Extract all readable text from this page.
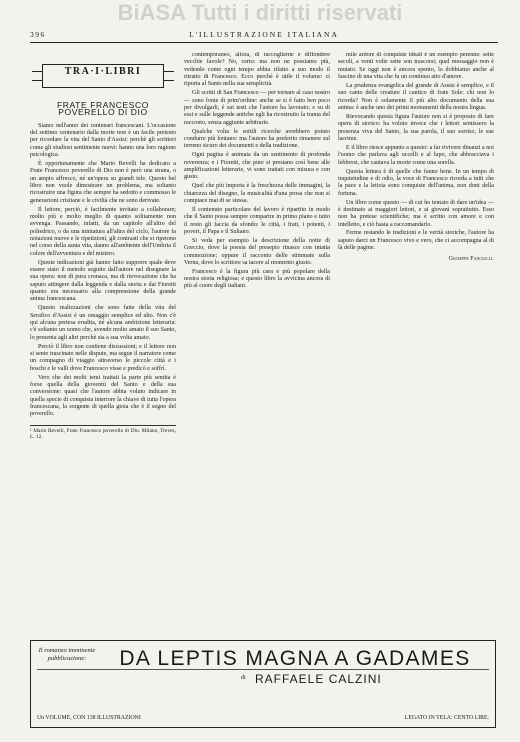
BiASA Tutti i diritti riservati
396	L'ILLUSTRAZIONE ITALIANA
TRA·I·LIBRI
FRATE FRANCESCO
POVERELLO DI DIO

Siamo nell'anno dei centenari francescani. L'occasione del settimo centenario dalla morte non è un facile pretesto per ricordare la vita del Santo d'Assisi: perchè gli scrittori come gli studiosi sentimente nuovi: hanno una loro ragione psicologica.

È opportunamente che Mario Revelli ha dedicato a Frate Francesco poverello di Dio non è però una strana, o un ampio affresco, né un'opera su grandi tele. Questo bel libro non vuole dimostrare un problema, ma soltanto ricostruire una figura che sempre ha sedotto e commosso le generazioni cristiane e le civiltà che ne sono derivate.

Il lettore, perciò, è facilmente invitato a collaborare; molto più e molto meglio di quanto solitamente non avvenga. Passando, infatti, da un capitolo all'altro del poliedrico, o da una miniatura all'altra del ciclo, l'autore fa notazioni nuove e le ripetizioni, gli contrasti che si ripetono nel corso della santa vita, danno all'ambiente dell'Umbria il colore dell'avventura e del mistero.

Queste indicazioni già hanno fatto supporre quale deve essere stato il metodo seguito dall'autore nel disegnare la sua opera: non di pura cronaca, ma di rievocazione che ha saputo attingere dalla leggenda e dalla storia e dai Fioretti quanto era necessario alla comprensione della grande anima francescana.

Questo realizzazioni che sono fatte della vita del Serafico d'Assisi è un omaggio semplice ed alto. Non c'è qui alcuna pretesa erudita, né alcuna ambizione letteraria: c'è soltanto un uomo che, avendo molto amato il suo Santo, lo presenta agli altri perchè sia a sua volta amato.

Perciò il libro non contiene discussioni; e il lettore non si sente trascinato nelle dispute, ma segue il narratore come un compagno di viaggio attraverso le piccole città e i boschi e le valli dove Francesco visse e predicò e soffrì.

Vero che dei molti temi trattati la parte più sentita è forse quella della gioventù del Santo e della sua conversione: quasi che l'autore abbia voluto indicare in quella specie di conquista interiore la chiave di tutta l'opera francescana, la sorgente di quella gioia che è il segno del poverello.

¹ Mario Revelli, Frate Francesco poverello di Dio. Milano, Treves, L. 12.

contemporaneo, allora, di raccoglierne e diffondere vecchie favole? No, certo: ma non ne possiamo più, vedendo come ogni tempo abbia rifatto a suo modo il ritratto di Francesco. Ecco perchè è utile il volume: ci riporta al Santo nella sua semplicità.

Gli scritti di San Francesco — per tornare al caso nostro — sono fonte di prim'ordine: anche se si è fatto ben poco per divulgarli, è sui testi che l'autore ha lavorato; e su di essi e sulle leggende antiche egli ha ricostruito la trama del racconto, senza aggiunte arbitrarie.

Qualche volta le sottili ricerche avrebbero potuto condurre più lontano: ma l'autore ha preferito rimanere sul terreno sicuro dei documenti e della tradizione.

Ogni pagina è animata da un sentimento di profonda reverenza; e i Fioretti, che pure si prestano così bene alle amplificazioni letterarie, vi sono trattati con misura e con gusto.

Quel che più importa è la freschezza delle immagini, la chiarezza del disegno, la musicalità d'una prosa che non si compiace mai di se stessa.

Il contenuto particolare del lavoro è ripartito in modo che il Santo possa sempre comparire in primo piano e tutto il resto gli faccia da sfondo: le città, i frati, i potenti, i poveri, il Papa e il Sultano.

Si veda per esempio la descrizione della notte di Greccio, dove la poesia del presepio rinasce con intatta commozione; oppure il racconto delle stimmate sulla Verna, dove lo scrittore sa tacere al momento giusto.

Francesco è la figura più cara e più popolare della nostra storia religiosa; e questo libro la avvicina ancora di più al cuore degli italiani.

mile ardore di conquiste ideali è un esempio perenne: sette secoli, a venti volte sette son trascorsi; quel messaggio non è mutato. Se oggi non è ancora spento, lo dobbiamo anche al fascino di una vita che fu un continuo atto d'amore.

La prudenza evangelica del grande di Assisi è semplice, e il suo canto delle creature il cantico di frate Sole: chi non lo ricorda? Non è solamente il più alto documento della sua anima: è anche uno dei primi monumenti della nostra lingua.

Rievocando questa figura l'autore non si è proposto di fare opera di storico: ha voluto invece che i lettori sentissero la presenza viva del Santo, la sua parola, il suo sorriso, le sue lacrime.

E il libro riesce appunto a questo: a far rivivere dinanzi a noi l'uomo che parlava agli uccelli e al lupo, che abbracciava i lebbrosi, che cantava la morte come una sorella.

Questa lettura è di quelle che fanno bene. In un tempo di inquietudine e di odio, la voce di Francesco ricorda a tutti che la pace e la letizia sono conquiste dell'anima, non doni della fortuna.

Un libro come questo — di cui ho tentato di dare un'idea — è destinato ai maggiori lettori, e ai giovani soprattutto. Esso non ha pretese scientifiche; ma è scritto con amore e con intelletto, e ciò basta a raccomandarlo.

Ferme restando le tradizioni e le verità storiche, l'autore ha saputo darci un Francesco vivo e vero, che ci accompagna al di là delle pagine.

Giuseppe Fanciulli.
Il romanzo imminente pubblicazione:	DA LEPTIS MAGNA A GADAMES
di RAFFAELE CALZINI
Un VOLUME, CON 138 ILLUSTRAZIONI	LEGATO IN TELA: CENTO LIRE.
